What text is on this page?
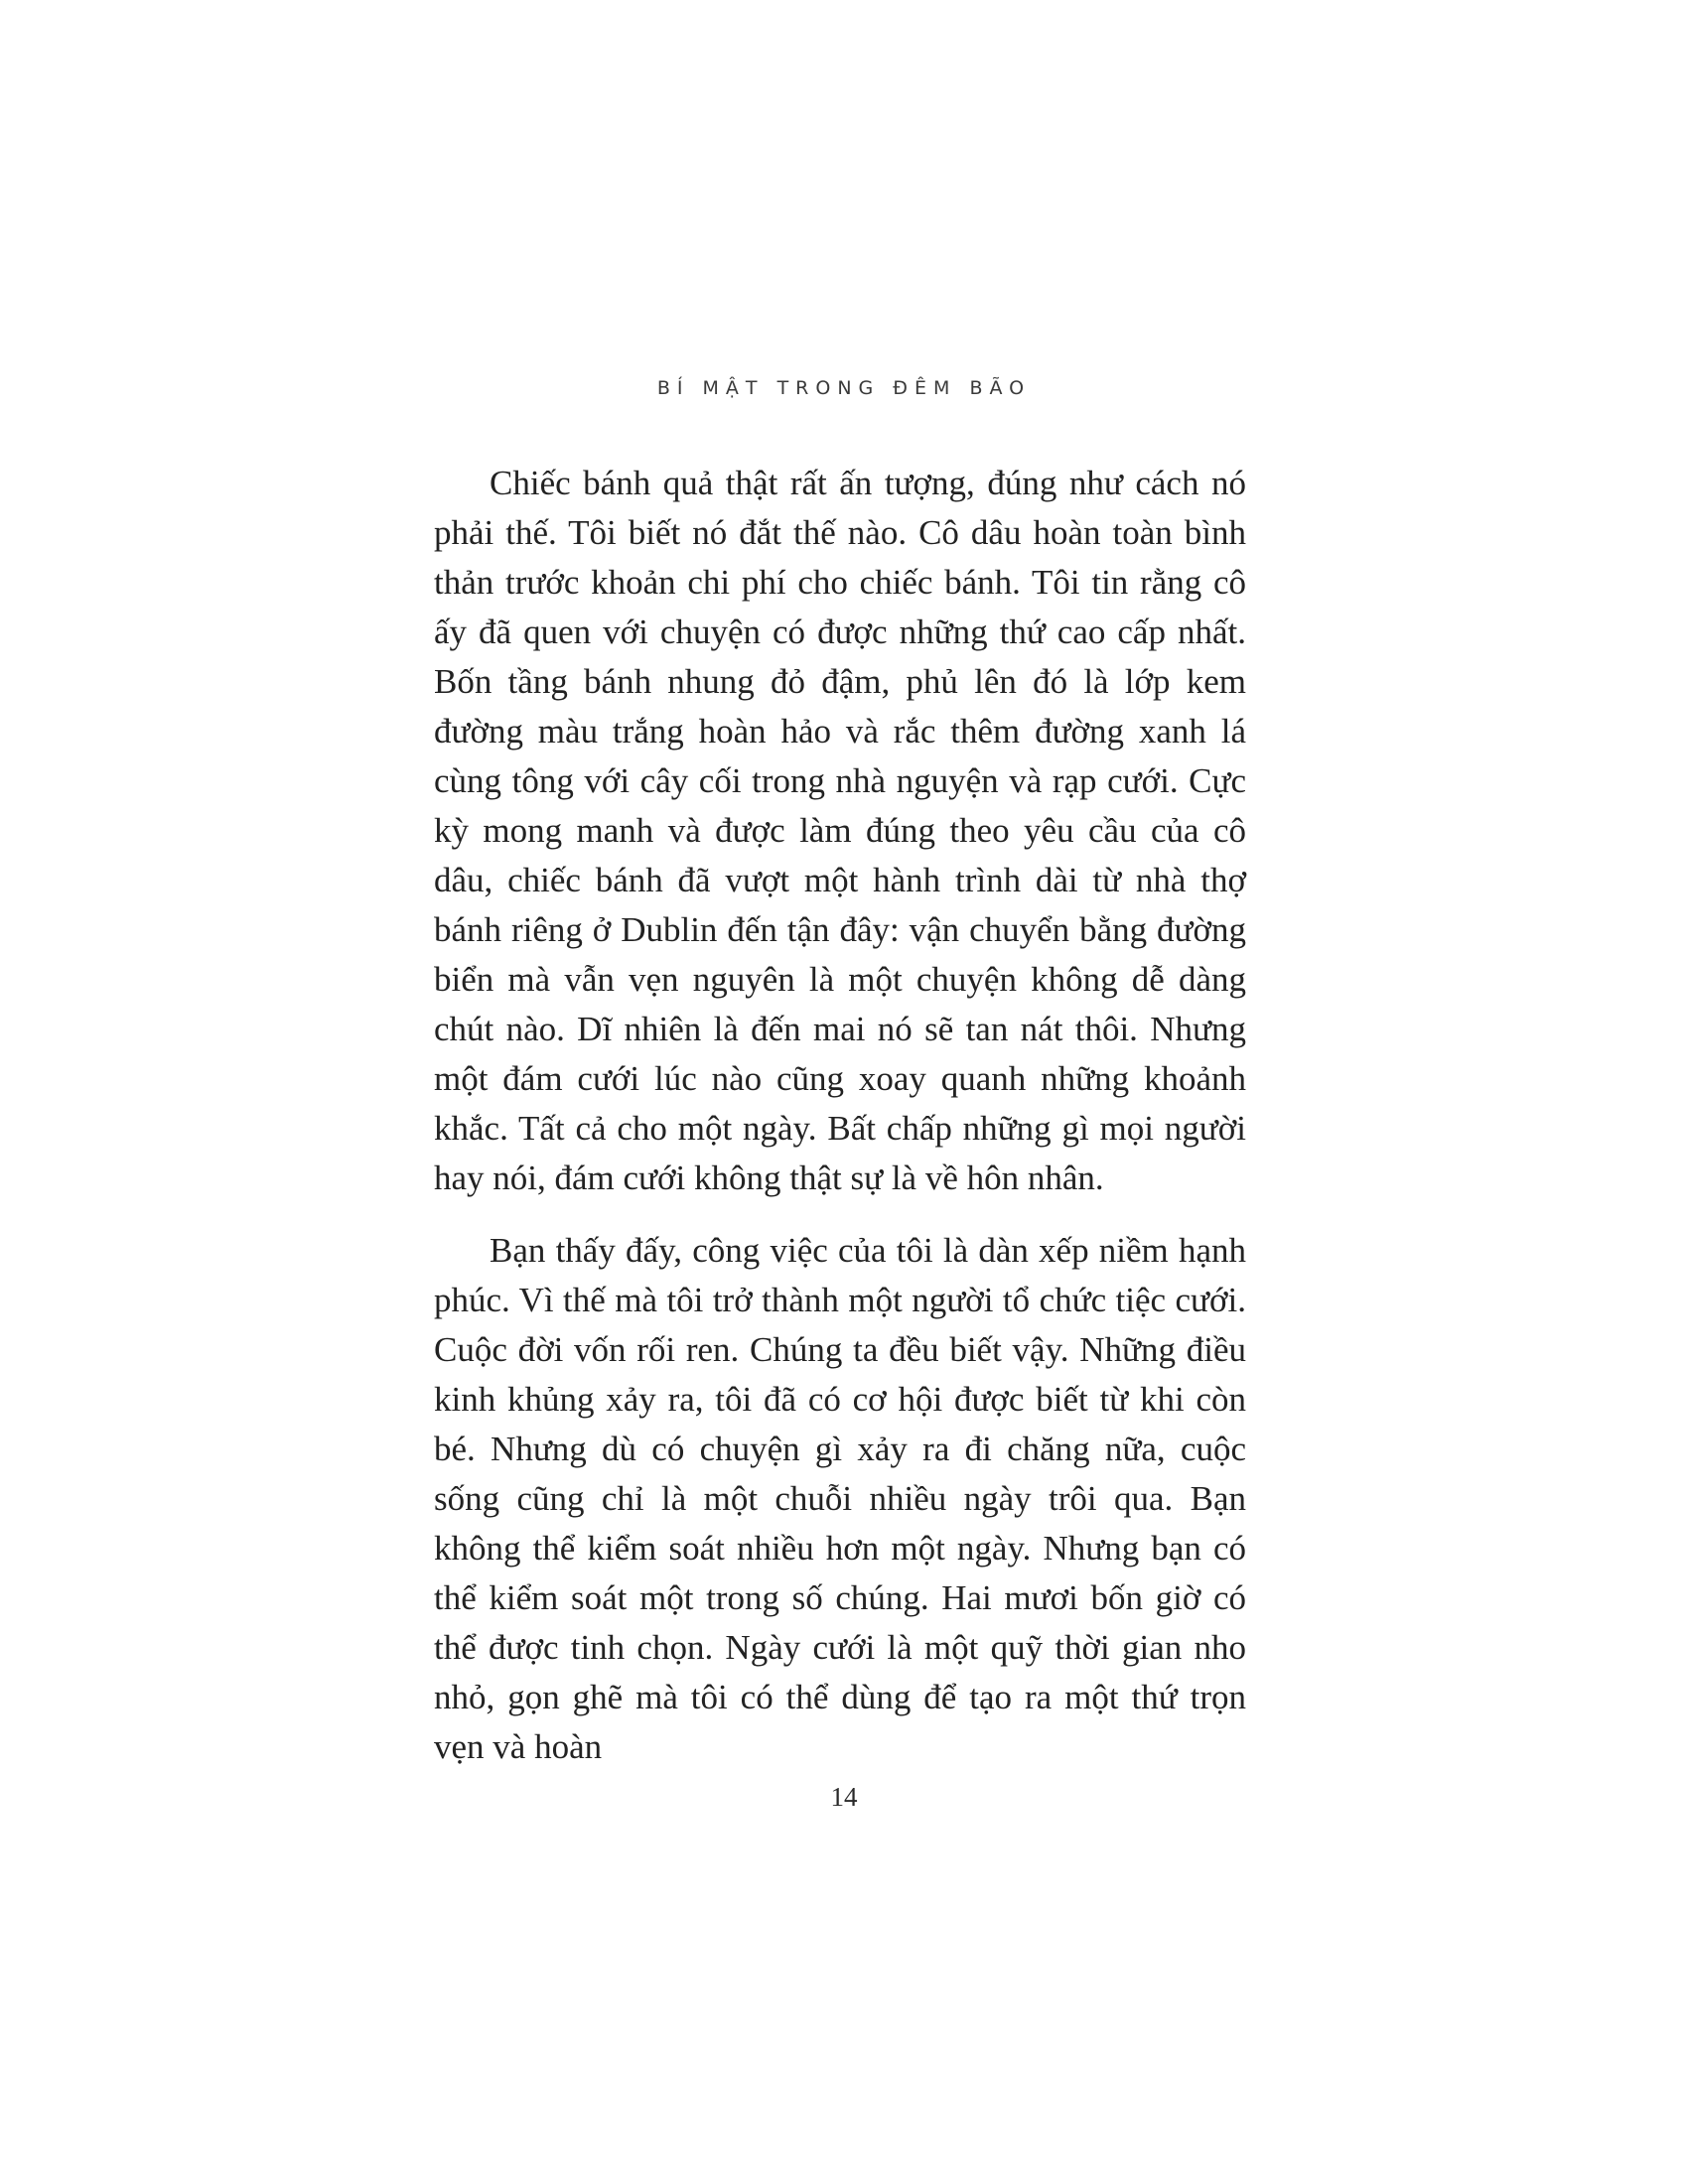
BÍ MẬT TRONG ĐÊM BÃO

Chiếc bánh quả thật rất ấn tượng, đúng như cách nó phải thế. Tôi biết nó đắt thế nào. Cô dâu hoàn toàn bình thản trước khoản chi phí cho chiếc bánh. Tôi tin rằng cô ấy đã quen với chuyện có được những thứ cao cấp nhất. Bốn tầng bánh nhung đỏ đậm, phủ lên đó là lớp kem đường màu trắng hoàn hảo và rắc thêm đường xanh lá cùng tông với cây cối trong nhà nguyện và rạp cưới. Cực kỳ mong manh và được làm đúng theo yêu cầu của cô dâu, chiếc bánh đã vượt một hành trình dài từ nhà thợ bánh riêng ở Dublin đến tận đây: vận chuyển bằng đường biển mà vẫn vẹn nguyên là một chuyện không dễ dàng chút nào. Dĩ nhiên là đến mai nó sẽ tan nát thôi. Nhưng một đám cưới lúc nào cũng xoay quanh những khoảnh khắc. Tất cả cho một ngày. Bất chấp những gì mọi người hay nói, đám cưới không thật sự là về hôn nhân.

Bạn thấy đấy, công việc của tôi là dàn xếp niềm hạnh phúc. Vì thế mà tôi trở thành một người tổ chức tiệc cưới. Cuộc đời vốn rối ren. Chúng ta đều biết vậy. Những điều kinh khủng xảy ra, tôi đã có cơ hội được biết từ khi còn bé. Nhưng dù có chuyện gì xảy ra đi chăng nữa, cuộc sống cũng chỉ là một chuỗi nhiều ngày trôi qua. Bạn không thể kiểm soát nhiều hơn một ngày. Nhưng bạn có thể kiểm soát một trong số chúng. Hai mươi bốn giờ có thể được tinh chọn. Ngày cưới là một quỹ thời gian nho nhỏ, gọn ghẽ mà tôi có thể dùng để tạo ra một thứ trọn vẹn và hoàn

14
